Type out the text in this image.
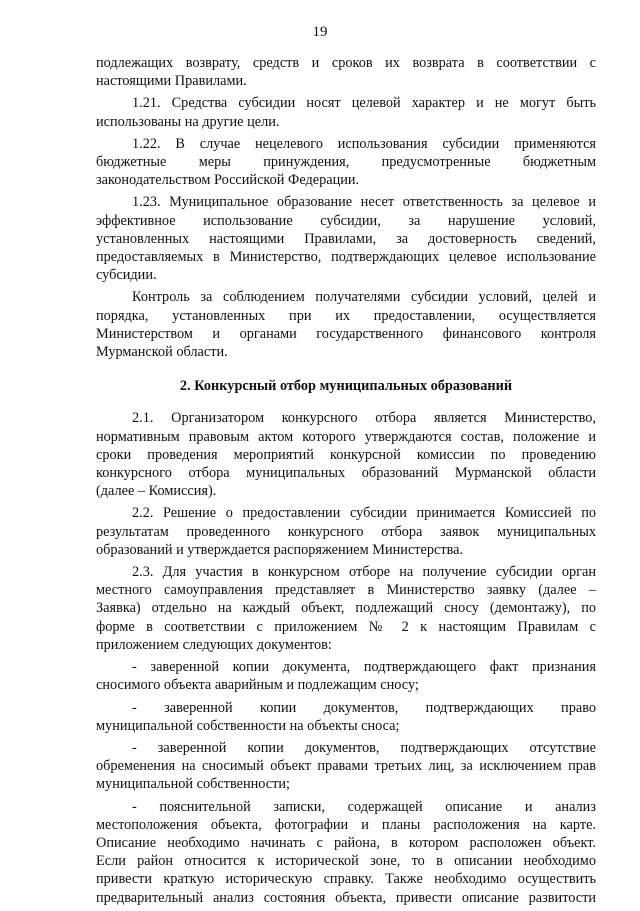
19
подлежащих возврату, средств и сроков их возврата в соответствии с
настоящими Правилами.
1.21. Средства субсидии носят целевой характер и не могут быть
использованы на другие цели.
1.22. В случае нецелевого использования субсидии применяются
бюджетные меры принуждения, предусмотренные бюджетным
законодательством Российской Федерации.
1.23. Муниципальное образование несет ответственность за целевое и
эффективное использование субсидии, за нарушение условий,
установленных настоящими Правилами, за достоверность сведений,
предоставляемых в Министерство, подтверждающих целевое использование
субсидии.
Контроль за соблюдением получателями субсидии условий, целей и
порядка, установленных при их предоставлении, осуществляется
Министерством и органами государственного финансового контроля
Мурманской области.
2. Конкурсный отбор муниципальных образований
2.1. Организатором конкурсного отбора является Министерство,
нормативным правовым актом которого утверждаются состав, положение и
сроки проведения мероприятий конкурсной комиссии по проведению
конкурсного отбора муниципальных образований Мурманской области
(далее – Комиссия).
2.2. Решение о предоставлении субсидии принимается Комиссией по
результатам проведенного конкурсного отбора заявок муниципальных
образований и утверждается распоряжением Министерства.
2.3. Для участия в конкурсном отборе на получение субсидии орган
местного самоуправления представляет в Министерство заявку (далее –
Заявка) отдельно на каждый объект, подлежащий сносу (демонтажу), по
форме в соответствии с приложением № 2 к настоящим Правилам с
приложением следующих документов:
- заверенной копии документа, подтверждающего факт признания
сносимого объекта аварийным и подлежащим сносу;
- заверенной копии документов, подтверждающих право
муниципальной собственности на объекты сноса;
- заверенной копии документов, подтверждающих отсутствие
обременения на сносимый объект правами третьих лиц, за исключением прав
муниципальной собственности;
- пояснительной записки, содержащей описание и анализ
местоположения объекта, фотографии и планы расположения на карте.
Описание необходимо начинать с района, в котором расположен объект.
Если район относится к исторической зоне, то в описании необходимо
привести краткую историческую справку. Также необходимо осуществить
предварительный анализ состояния объекта, привести описание развитости
